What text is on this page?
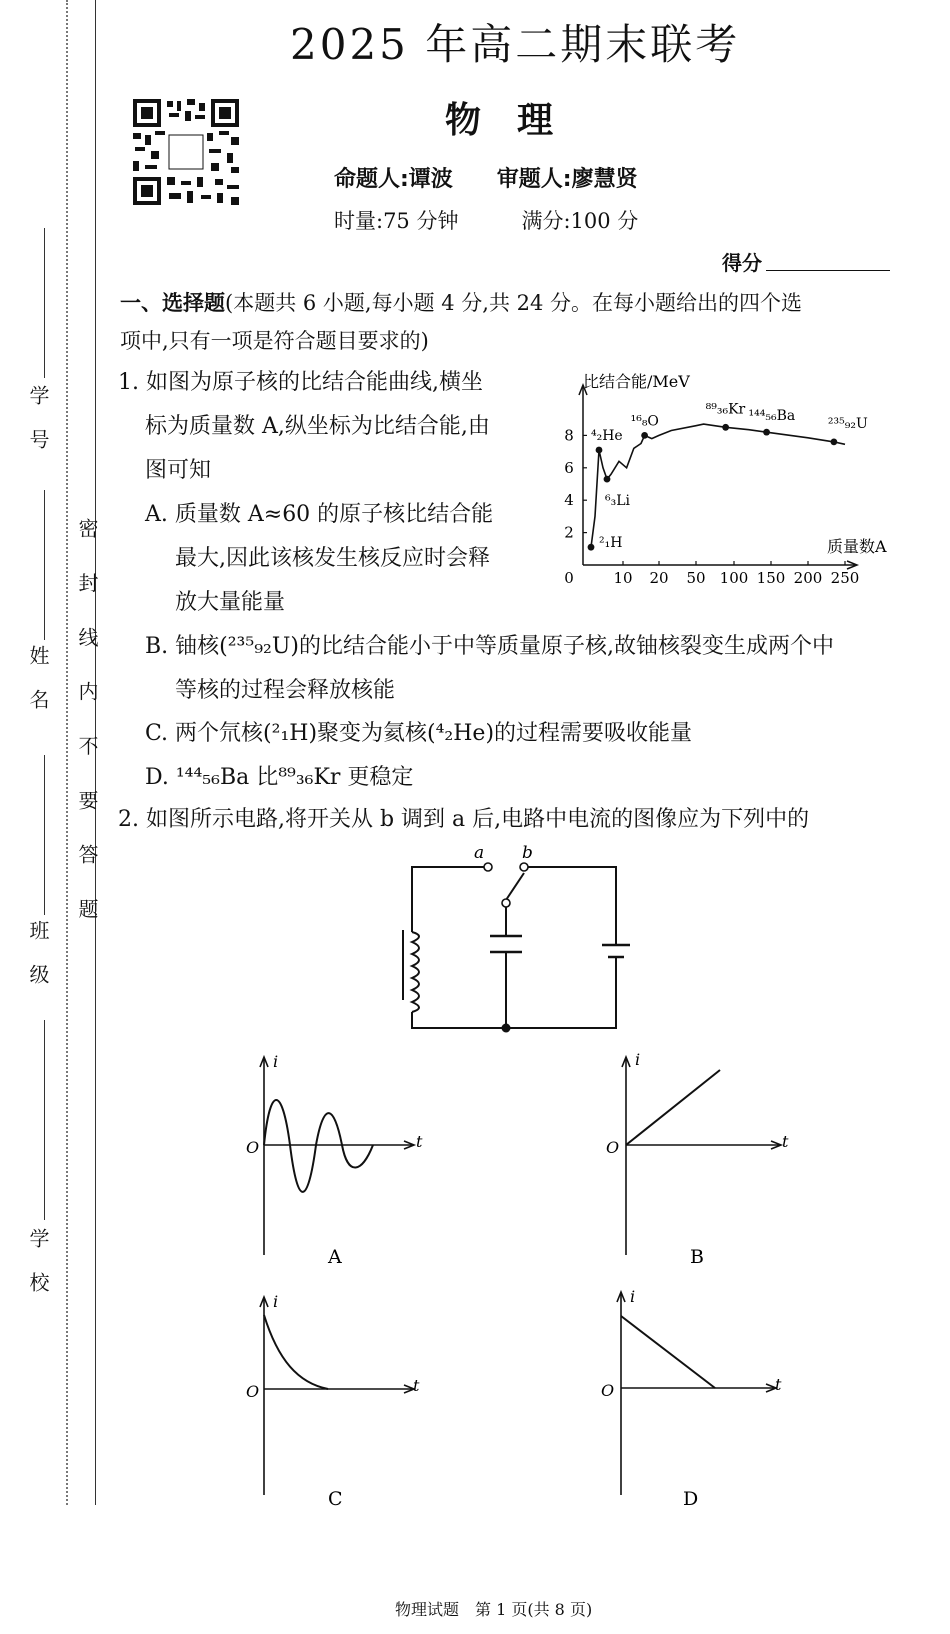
学　号
姓　名
班　级
学　校
密 封 线 内 不 要 答 题
2025 年高二期末联考
物　理
命题人:谭波　　审题人:廖慧贤
时量:75 分钟　　　满分:100 分
得分
一、选择题(本题共 6 小题,每小题 4 分,共 24 分。在每小题给出的四个选
项中,只有一项是符合题目要求的)
1. 如图为原子核的比结合能曲线,横坐
标为质量数 A,纵坐标为比结合能,由
图可知
A. 质量数 A≈60 的原子核比结合能
最大,因此该核发生核反应时会释
放大量能量
B. 铀核(²³⁵₉₂U)的比结合能小于中等质量原子核,故铀核裂变生成两个中
等核的过程会释放核能
C. 两个氘核(²₁H)聚变为氦核(⁴₂He)的过程需要吸收能量
D. ¹⁴⁴₅₆Ba 比⁸⁹₃₆Kr 更稳定
0	10 20 50 100 150 200 250
2
4
6
8
²₁H
⁴₂He
⁶₃Li
¹⁶₈O
⁸⁹₃₆Kr ¹⁴⁴₅₆Ba ²³⁵₉₂U
比结合能/MeV
质量数A
2. 如图所示电路,将开关从 b 调到 a 后,电路中电流的图像应为下列中的
a b
i
t
O
A
i
t
O
B
i
t
O
C
i
t
O
D
物理试题　第 1 页(共 8 页)
